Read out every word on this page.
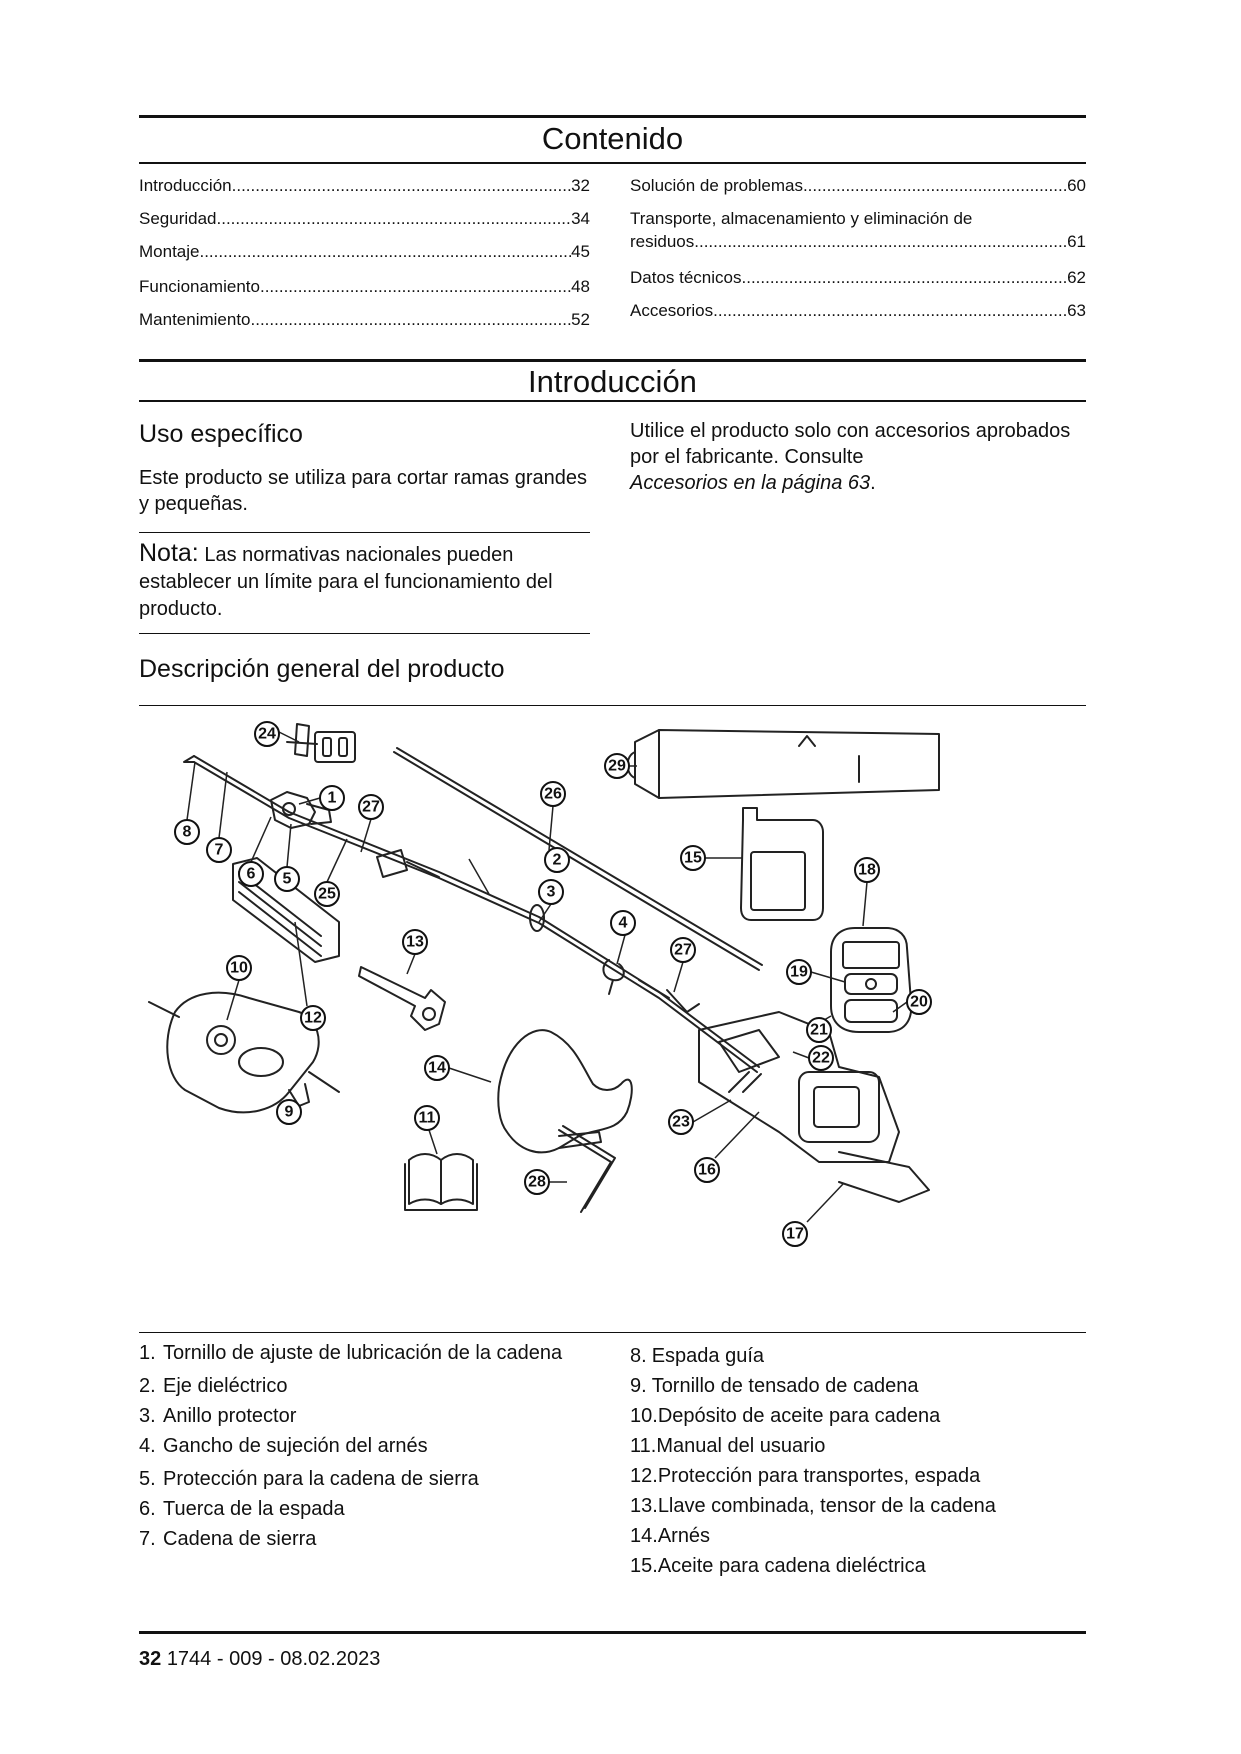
Contenido
Introducción .....	32
Seguridad .....	34
Montaje .....	45
Funcionamiento .....	48
Mantenimiento .....	52
Solución de problemas .....	60
Transporte, almacenamiento y eliminación de
residuos .....	61
Datos técnicos .....	62
Accesorios .....	63
Introducción
Uso específico
Este producto se utiliza para cortar ramas grandes y pequeñas.
Nota: Las normativas nacionales pueden establecer un límite para el funcionamiento del producto.
Utilice el producto solo con accesorios aprobados por el fabricante. Consulte
Accesorios en la página 63.
Descripción general del producto
1
2
3
4
5
6
7
8
9
10
11
12
13
14
15
16
17
18
19
20
21
22
23
24
25
26
27
27
28
29
1. Tornillo de ajuste de lubricación de la cadena
2. Eje dieléctrico
3. Anillo protector
4. Gancho de sujeción del arnés
5. Protección para la cadena de sierra
6. Tuerca de la espada
7. Cadena de sierra
8. Espada guía
9. Tornillo de tensado de cadena
10. Depósito de aceite para cadena
11. Manual del usuario
12. Protección para transportes, espada
13. Llave combinada, tensor de la cadena
14. Arnés
15. Aceite para cadena dieléctrica
32 1744 - 009 - 08.02.2023
